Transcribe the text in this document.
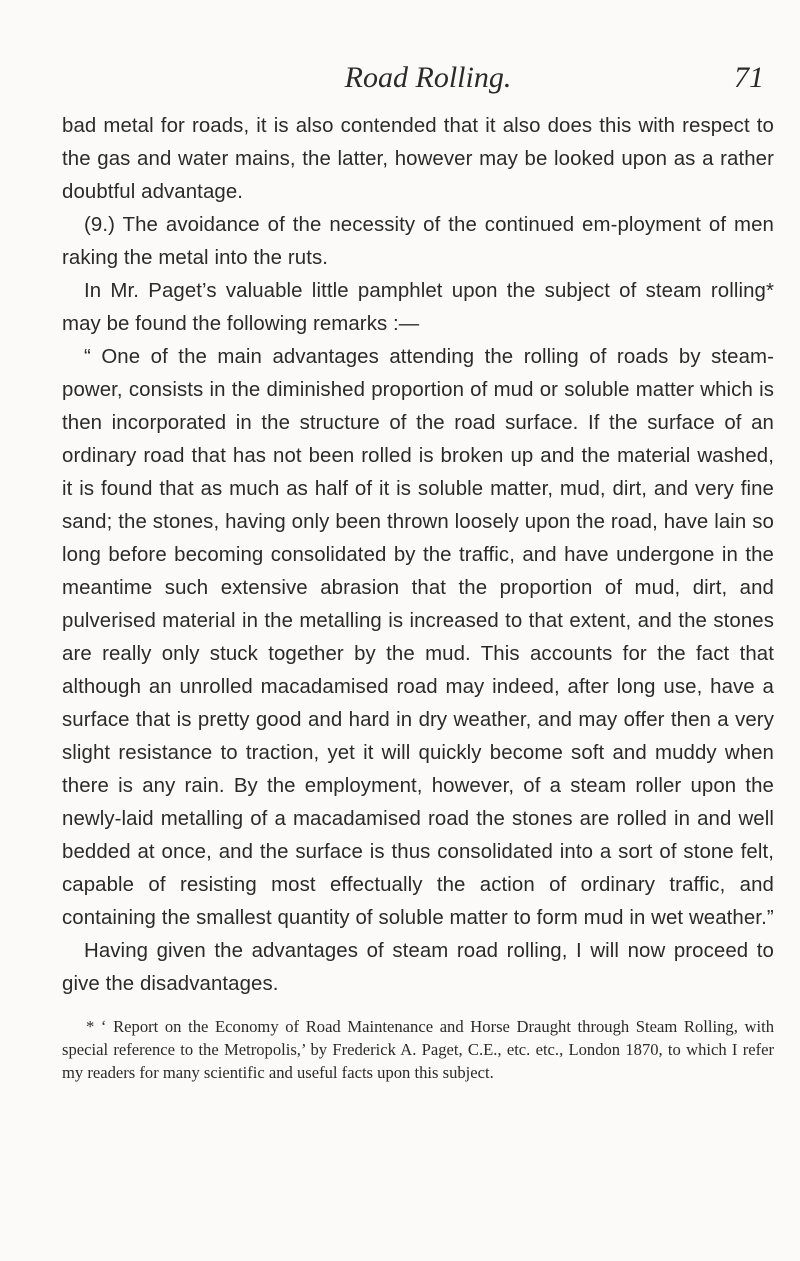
Road Rolling.	71

bad metal for roads, it is also contended that it also does this with respect to the gas and water mains, the latter, however may be looked upon as a rather doubtful advantage.

(9.) The avoidance of the necessity of the continued em-ployment of men raking the metal into the ruts.

In Mr. Paget’s valuable little pamphlet upon the subject of steam rolling* may be found the following remarks :—

“ One of the main advantages attending the rolling of roads by steam-power, consists in the diminished proportion of mud or soluble matter which is then incorporated in the structure of the road surface. If the surface of an ordinary road that has not been rolled is broken up and the material washed, it is found that as much as half of it is soluble matter, mud, dirt, and very fine sand; the stones, having only been thrown loosely upon the road, have lain so long before becoming consolidated by the traffic, and have undergone in the meantime such extensive abrasion that the proportion of mud, dirt, and pulverised material in the metalling is increased to that extent, and the stones are really only stuck together by the mud. This accounts for the fact that although an unrolled macadamised road may indeed, after long use, have a surface that is pretty good and hard in dry weather, and may offer then a very slight resistance to traction, yet it will quickly become soft and muddy when there is any rain. By the employment, however, of a steam roller upon the newly-laid metalling of a macadamised road the stones are rolled in and well bedded at once, and the surface is thus consolidated into a sort of stone felt, capable of resisting most effectually the action of ordinary traffic, and containing the smallest quantity of soluble matter to form mud in wet weather.”

Having given the advantages of steam road rolling, I will now proceed to give the disadvantages.

* ‘ Report on the Economy of Road Maintenance and Horse Draught through Steam Rolling, with special reference to the Metropolis,’ by Frederick A. Paget, C.E., etc. etc., London 1870, to which I refer my readers for many scientific and useful facts upon this subject.
